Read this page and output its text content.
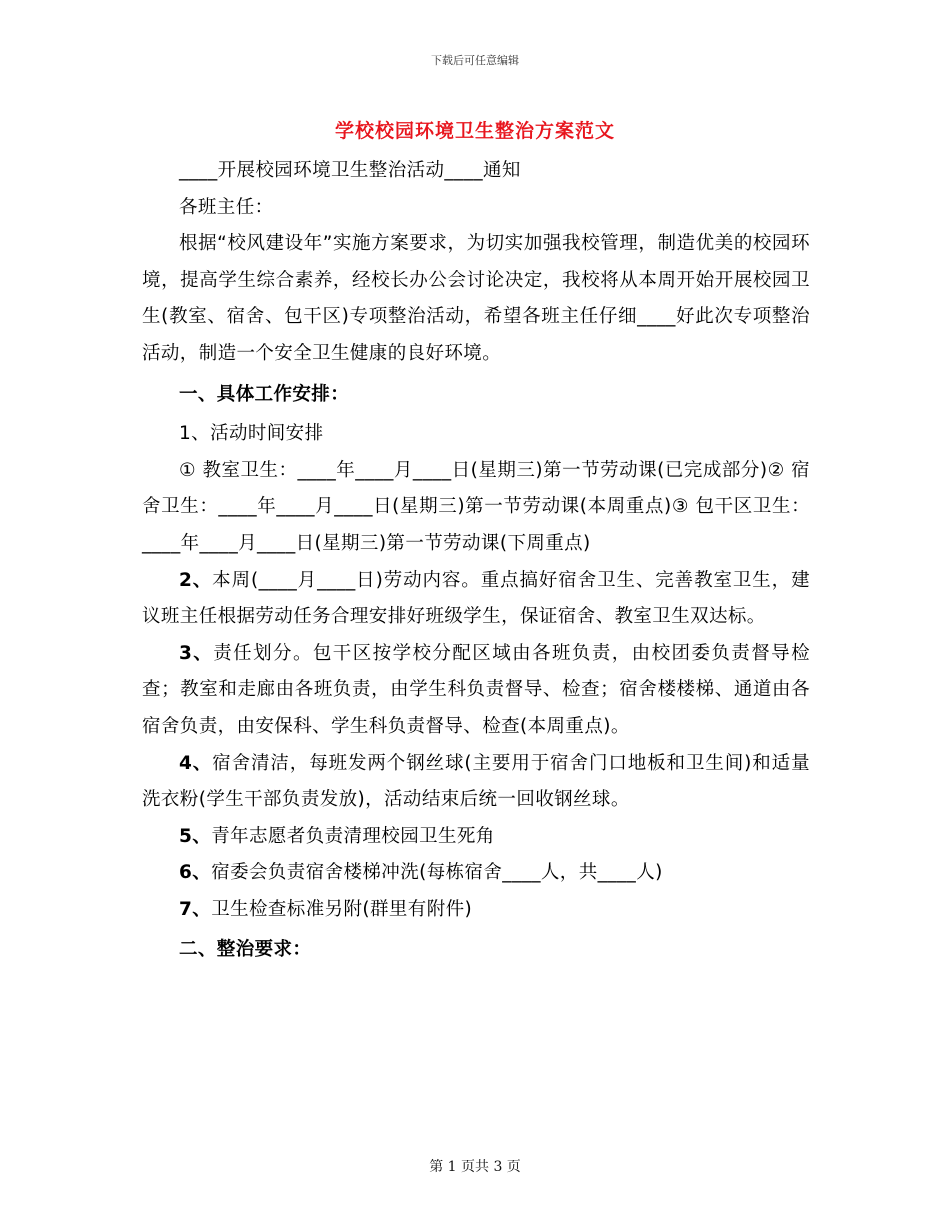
下载后可任意编辑
学校校园环境卫生整治方案范文

____开展校园环境卫生整治活动____通知

各班主任：

根据“校风建设年”实施方案要求，为切实加强我校管理，制造优美的校园环境，提高学生综合素养，经校长办公会讨论决定，我校将从本周开始开展校园卫生(教室、宿舍、包干区)专项整治活动，希望各班主任仔细____好此次专项整治活动，制造一个安全卫生健康的良好环境。

一、具体工作安排：

1、活动时间安排

① 教室卫生：____年____月____日(星期三)第一节劳动课(已完成部分)② 宿舍卫生：____年____月____日(星期三)第一节劳动课(本周重点)③ 包干区卫生：____年____月____日(星期三)第一节劳动课(下周重点)

2、本周(____月____日)劳动内容。重点搞好宿舍卫生、完善教室卫生，建议班主任根据劳动任务合理安排好班级学生，保证宿舍、教室卫生双达标。

3、责任划分。包干区按学校分配区域由各班负责，由校团委负责督导检查；教室和走廊由各班负责，由学生科负责督导、检查；宿舍楼楼梯、通道由各宿舍负责，由安保科、学生科负责督导、检查(本周重点)。

4、宿舍清洁，每班发两个钢丝球(主要用于宿舍门口地板和卫生间)和适量洗衣粉(学生干部负责发放)，活动结束后统一回收钢丝球。

5、青年志愿者负责清理校园卫生死角

6、宿委会负责宿舍楼梯冲洗(每栋宿舍____人，共____人)

7、卫生检查标准另附(群里有附件)

二、整治要求：

第 1 页共 3 页
